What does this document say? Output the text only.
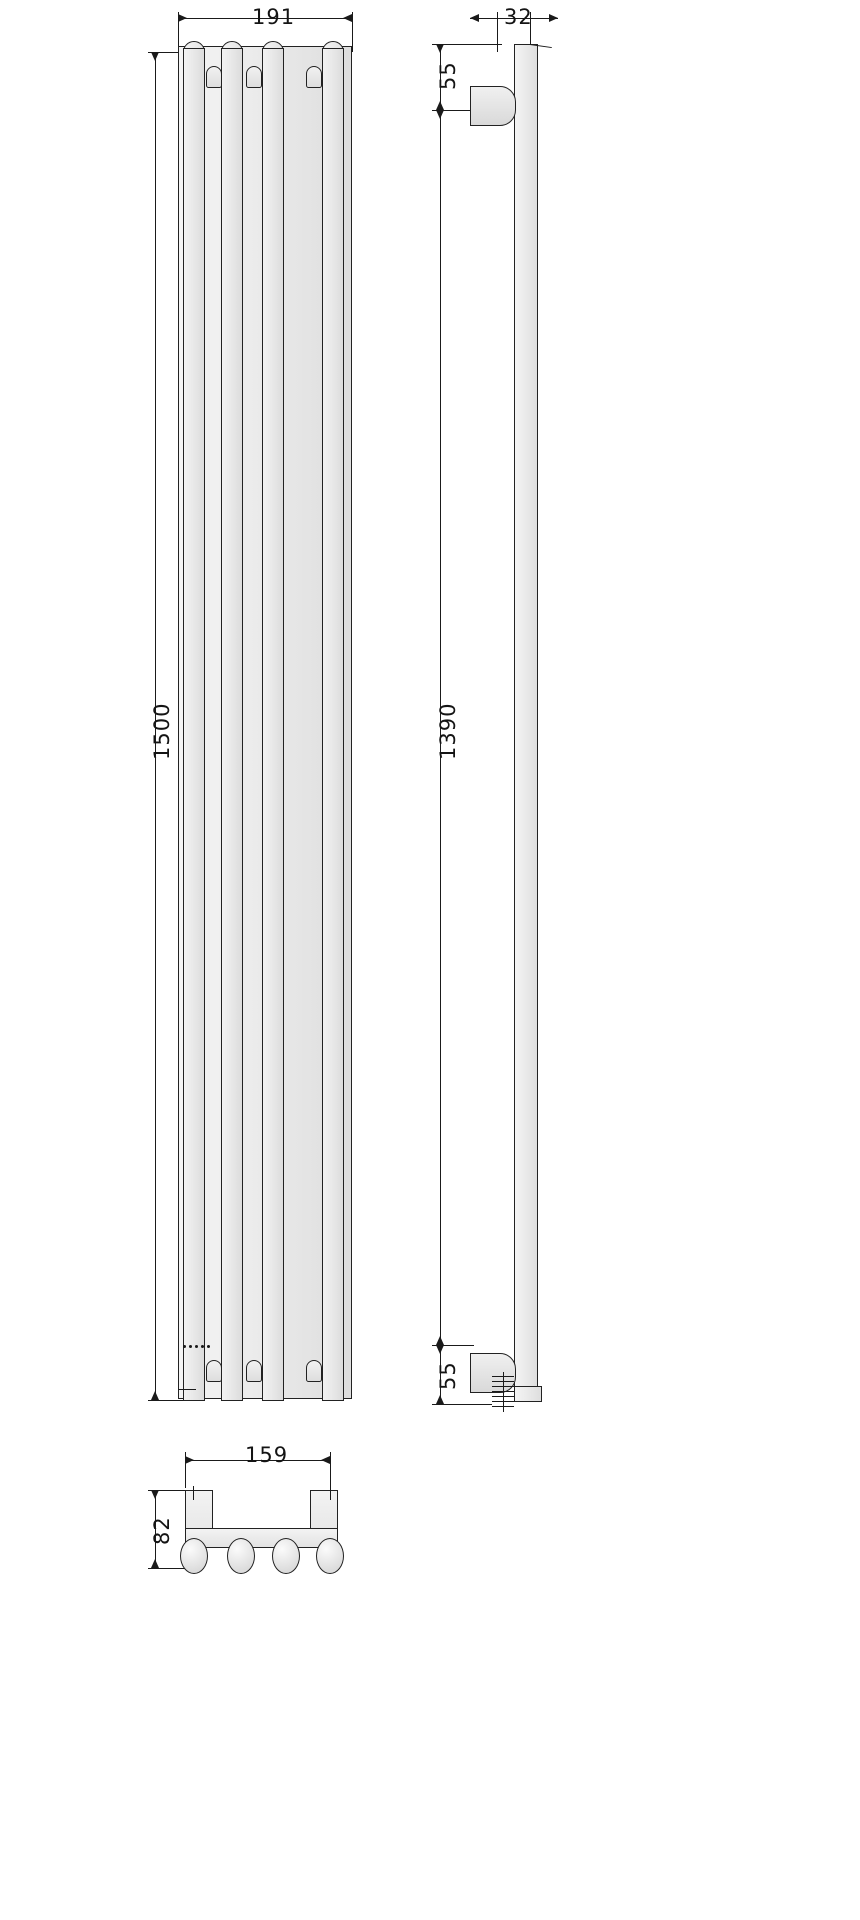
191
1500
32
55
1390
55
159
82
